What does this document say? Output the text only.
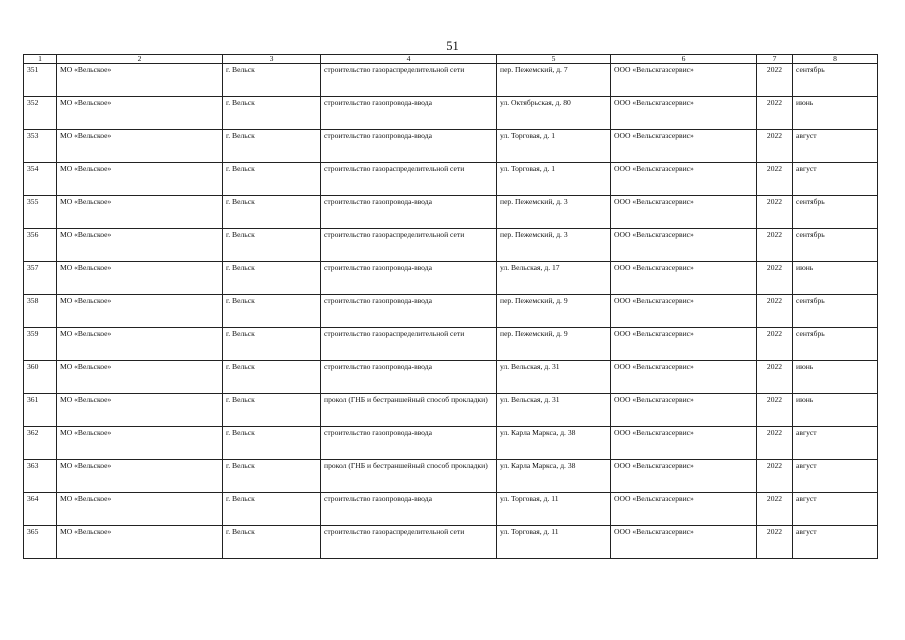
51
1	2	3	4	5	6	7	8
351	МО «Вельское»	г. Вельск	строительство газораспределительной сети	пер. Пежемский, д. 7	ООО «Вельскгазсервис»	2022	сентябрь
352	МО «Вельское»	г. Вельск	строительство газопровода-ввода	ул. Октябрьская, д. 80	ООО «Вельскгазсервис»	2022	июнь
353	МО «Вельское»	г. Вельск	строительство газопровода-ввода	ул. Торговая, д. 1	ООО «Вельскгазсервис»	2022	август
354	МО «Вельское»	г. Вельск	строительство газораспределительной сети	ул. Торговая, д. 1	ООО «Вельскгазсервис»	2022	август
355	МО «Вельское»	г. Вельск	строительство газопровода-ввода	пер. Пежемский, д. 3	ООО «Вельскгазсервис»	2022	сентябрь
356	МО «Вельское»	г. Вельск	строительство газораспределительной сети	пер. Пежемский, д. 3	ООО «Вельскгазсервис»	2022	сентябрь
357	МО «Вельское»	г. Вельск	строительство газопровода-ввода	ул. Вельская, д. 17	ООО «Вельскгазсервис»	2022	июнь
358	МО «Вельское»	г. Вельск	строительство газопровода-ввода	пер. Пежемский, д. 9	ООО «Вельскгазсервис»	2022	сентябрь
359	МО «Вельское»	г. Вельск	строительство газораспределительной сети	пер. Пежемский, д. 9	ООО «Вельскгазсервис»	2022	сентябрь
360	МО «Вельское»	г. Вельск	строительство газопровода-ввода	ул. Вельская, д. 31	ООО «Вельскгазсервис»	2022	июнь
361	МО «Вельское»	г. Вельск	прокол (ГНБ и бестраншейный способ прокладки)	ул. Вельская, д. 31	ООО «Вельскгазсервис»	2022	июнь
362	МО «Вельское»	г. Вельск	строительство газопровода-ввода	ул. Карла Маркса, д. 38	ООО «Вельскгазсервис»	2022	август
363	МО «Вельское»	г. Вельск	прокол (ГНБ и бестраншейный способ прокладки)	ул. Карла Маркса, д. 38	ООО «Вельскгазсервис»	2022	август
364	МО «Вельское»	г. Вельск	строительство газопровода-ввода	ул. Торговая, д. 11	ООО «Вельскгазсервис»	2022	август
365	МО «Вельское»	г. Вельск	строительство газораспределительной сети	ул. Торговая, д. 11	ООО «Вельскгазсервис»	2022	август
